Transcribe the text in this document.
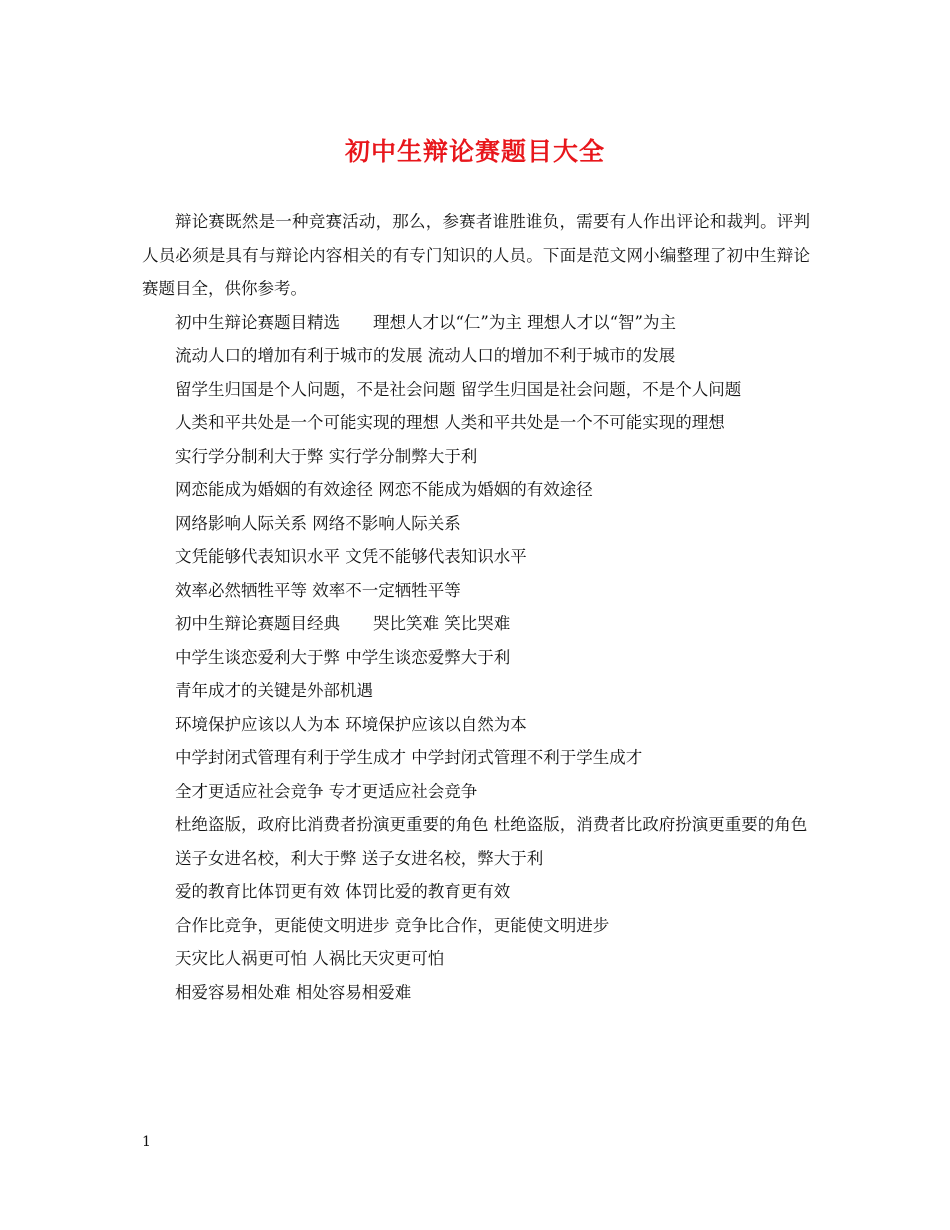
初中生辩论赛题目大全

辩论赛既然是一种竞赛活动，那么，参赛者谁胜谁负，需要有人作出评论和裁判。评判人员必须是具有与辩论内容相关的有专门知识的人员。下面是范文网小编整理了初中生辩论赛题目全，供你参考。

初中生辩论赛题目精选 理想人才以“仁”为主 理想人才以“智”为主

流动人口的增加有利于城市的发展 流动人口的增加不利于城市的发展

留学生归国是个人问题，不是社会问题 留学生归国是社会问题，不是个人问题

人类和平共处是一个可能实现的理想 人类和平共处是一个不可能实现的理想

实行学分制利大于弊 实行学分制弊大于利

网恋能成为婚姻的有效途径 网恋不能成为婚姻的有效途径

网络影响人际关系 网络不影响人际关系

文凭能够代表知识水平 文凭不能够代表知识水平

效率必然牺牲平等 效率不一定牺牲平等

初中生辩论赛题目经典 哭比笑难 笑比哭难

中学生谈恋爱利大于弊 中学生谈恋爱弊大于利

青年成才的关键是外部机遇

环境保护应该以人为本 环境保护应该以自然为本

中学封闭式管理有利于学生成才 中学封闭式管理不利于学生成才

全才更适应社会竞争 专才更适应社会竞争

杜绝盗版，政府比消费者扮演更重要的角色 杜绝盗版，消费者比政府扮演更重要的角色

送子女进名校，利大于弊 送子女进名校，弊大于利

爱的教育比体罚更有效 体罚比爱的教育更有效

合作比竞争，更能使文明进步 竞争比合作，更能使文明进步

天灾比人祸更可怕 人祸比天灾更可怕

相爱容易相处难 相处容易相爱难

1
